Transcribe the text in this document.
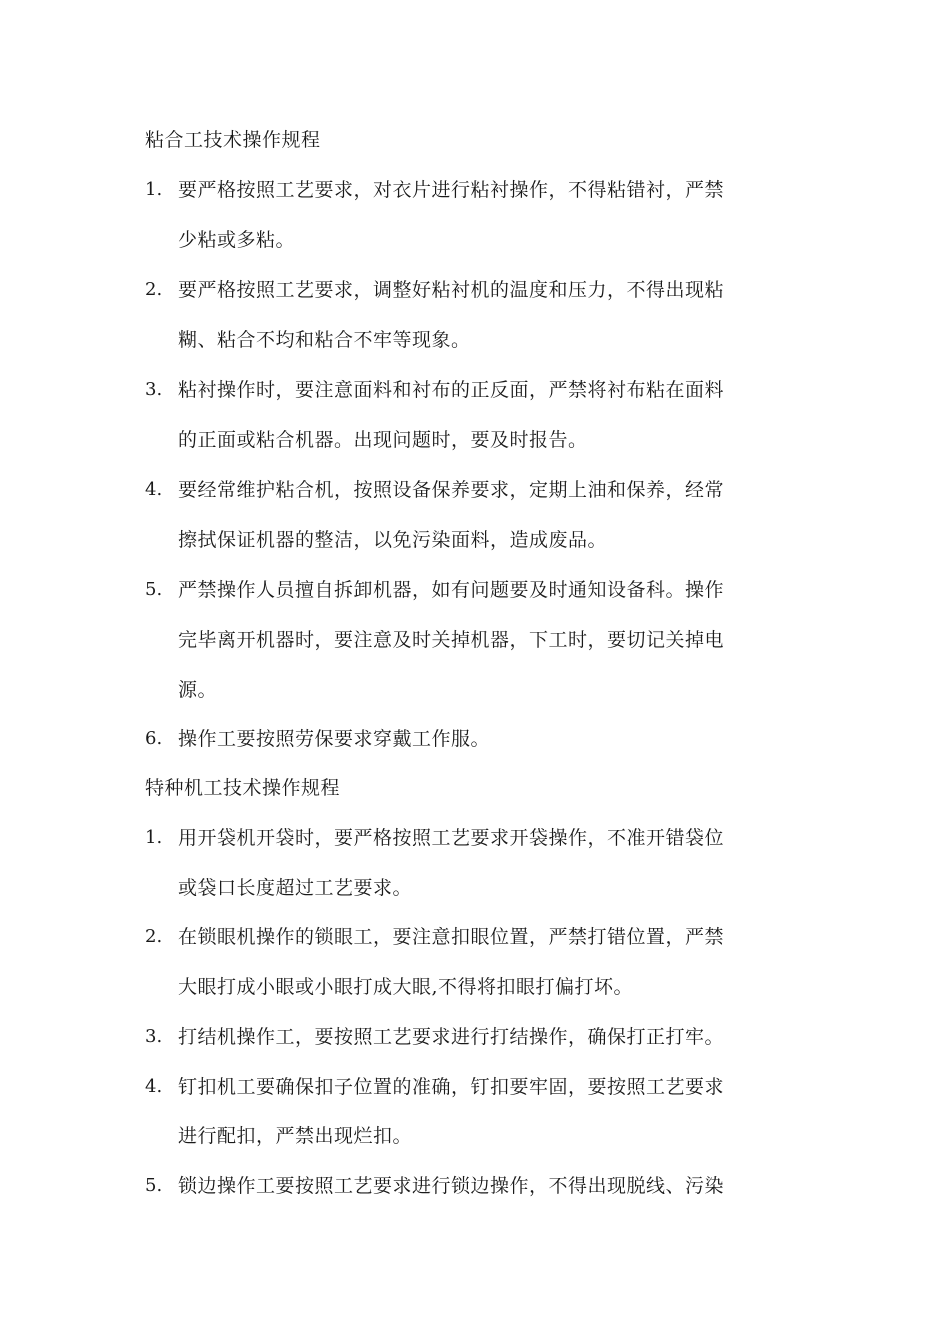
粘合工技术操作规程
1. 要严格按照工艺要求，对衣片进行粘衬操作，不得粘错衬，严禁
少粘或多粘。
2. 要严格按照工艺要求，调整好粘衬机的温度和压力，不得出现粘
糊、粘合不均和粘合不牢等现象。
3. 粘衬操作时，要注意面料和衬布的正反面，严禁将衬布粘在面料
的正面或粘合机器。出现问题时，要及时报告。
4. 要经常维护粘合机，按照设备保养要求，定期上油和保养，经常
擦拭保证机器的整洁，以免污染面料，造成废品。
5. 严禁操作人员擅自拆卸机器，如有问题要及时通知设备科。操作
完毕离开机器时，要注意及时关掉机器，下工时，要切记关掉电
源。
6. 操作工要按照劳保要求穿戴工作服。
特种机工技术操作规程
1. 用开袋机开袋时，要严格按照工艺要求开袋操作，不准开错袋位
或袋口长度超过工艺要求。
2. 在锁眼机操作的锁眼工，要注意扣眼位置，严禁打错位置，严禁
大眼打成小眼或小眼打成大眼,不得将扣眼打偏打坏。
3. 打结机操作工，要按照工艺要求进行打结操作，确保打正打牢。
4. 钉扣机工要确保扣子位置的准确，钉扣要牢固，要按照工艺要求
进行配扣，严禁出现烂扣。
5. 锁边操作工要按照工艺要求进行锁边操作，不得出现脱线、污染
